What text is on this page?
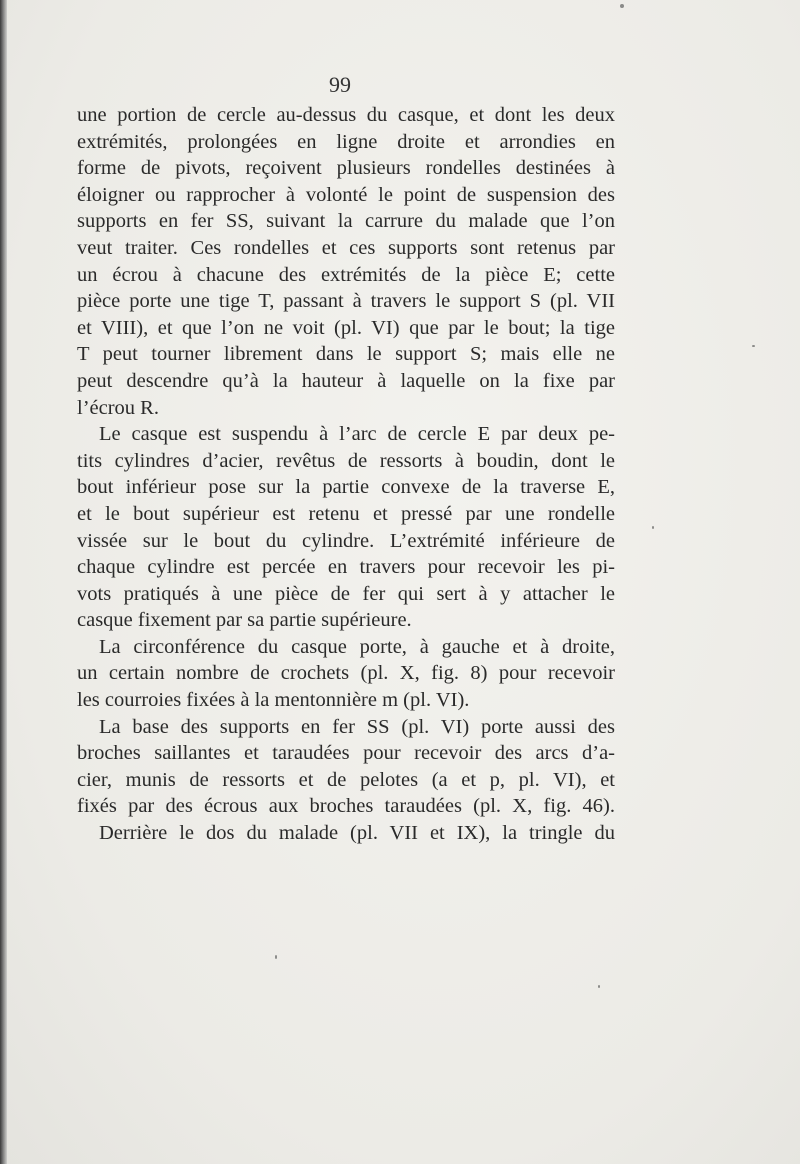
99
une portion de cercle au-dessus du casque, et dont les deux
extrémités, prolongées en ligne droite et arrondies en
forme de pivots, reçoivent plusieurs rondelles destinées à
éloigner ou rapprocher à volonté le point de suspension des
supports en fer SS, suivant la carrure du malade que l’on
veut traiter. Ces rondelles et ces supports sont retenus par
un écrou à chacune des extrémités de la pièce E; cette
pièce porte une tige T, passant à travers le support S (pl. VII
et VIII), et que l’on ne voit (pl. VI) que par le bout; la tige
T peut tourner librement dans le support S; mais elle ne
peut descendre qu’à la hauteur à laquelle on la fixe par
l’écrou R.
Le casque est suspendu à l’arc de cercle E par deux pe-
tits cylindres d’acier, revêtus de ressorts à boudin, dont le
bout inférieur pose sur la partie convexe de la traverse E,
et le bout supérieur est retenu et pressé par une rondelle
vissée sur le bout du cylindre. L’extrémité inférieure de
chaque cylindre est percée en travers pour recevoir les pi-
vots pratiqués à une pièce de fer qui sert à y attacher le
casque fixement par sa partie supérieure.
La circonférence du casque porte, à gauche et à droite,
un certain nombre de crochets (pl. X, fig. 8) pour recevoir
les courroies fixées à la mentonnière m (pl. VI).
La base des supports en fer SS (pl. VI) porte aussi des
broches saillantes et taraudées pour recevoir des arcs d’a-
cier, munis de ressorts et de pelotes (a et p, pl. VI), et
fixés par des écrous aux broches taraudées (pl. X, fig. 46).
Derrière le dos du malade (pl. VII et IX), la tringle du
